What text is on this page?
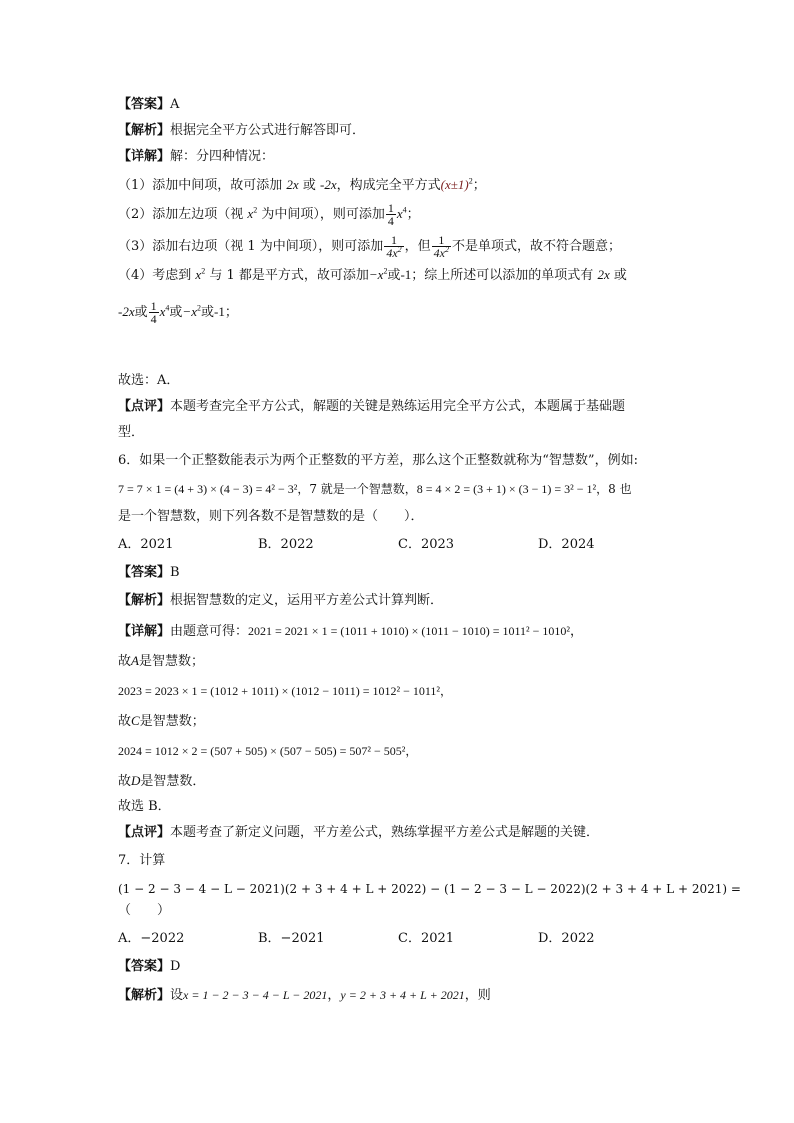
【答案】A
【解析】根据完全平方公式进行解答即可．
【详解】解：分四种情况：
（1）添加中间项，故可添加 2x 或 -2x，构成完全平方式$(x\pm 1)^2$；
（2）添加左边项（视 $x^2$ 为中间项），则可添加 $\frac{1}{4} x^4$；
（3）添加右边项（视 1 为中间项），则可添加 $\frac{1}{4x^2}$ ，但 $\frac{1}{4x^2}$ 不是单项式，故不符合题意；
（4）考虑到 $x^2$ 与 1 都是平方式，故可添加$-x^2$或-1；综上所述可以添加的单项式有 2x 或
-2x或 $\frac{1}{4} x^4$或$-x^2$或-1；
故选：A．
【点评】本题考查完全平方公式，解题的关键是熟练运用完全平方公式，本题属于基础题
型．
6．如果一个正整数能表示为两个正整数的平方差，那么这个正整数就称为“智慧数”，例如:
7 = 7 × 1 = (4 + 3) × (4 − 3) = 4² − 3²，7 就是一个智慧数，8 = 4 × 2 = (3 + 1) × (3 − 1) = 3² − 1²，8 也
是一个智慧数，则下列各数不是智慧数的是（　　）．
A．2021	B．2022	C．2023	D．2024
【答案】B
【解析】根据智慧数的定义，运用平方差公式计算判断．
【详解】由题意可得：2021 = 2021 × 1 = (1011 + 1010) × (1011 − 1010) = 1011² − 1010²，
故A是智慧数；
2023 = 2023 × 1 = (1012 + 1011) × (1012 − 1011) = 1012² − 1011²，
故C是智慧数；
2024 = 1012 × 2 = (507 + 505) × (507 − 505) = 507² − 505²，
故D是智慧数．
故选 B．
【点评】本题考查了新定义问题，平方差公式，熟练掌握平方差公式是解题的关键．
7．计算
(1 − 2 − 3 − 4 − L − 2021)(2 + 3 + 4 + L + 2022) − (1 − 2 − 3 − L − 2022)(2 + 3 + 4 + L + 2021) =
（　　）
A．−2022	B．−2021	C．2021	D．2022
【答案】D
【解析】设x = 1 − 2 − 3 − 4 − L − 2021，y = 2 + 3 + 4 + L + 2021，则
